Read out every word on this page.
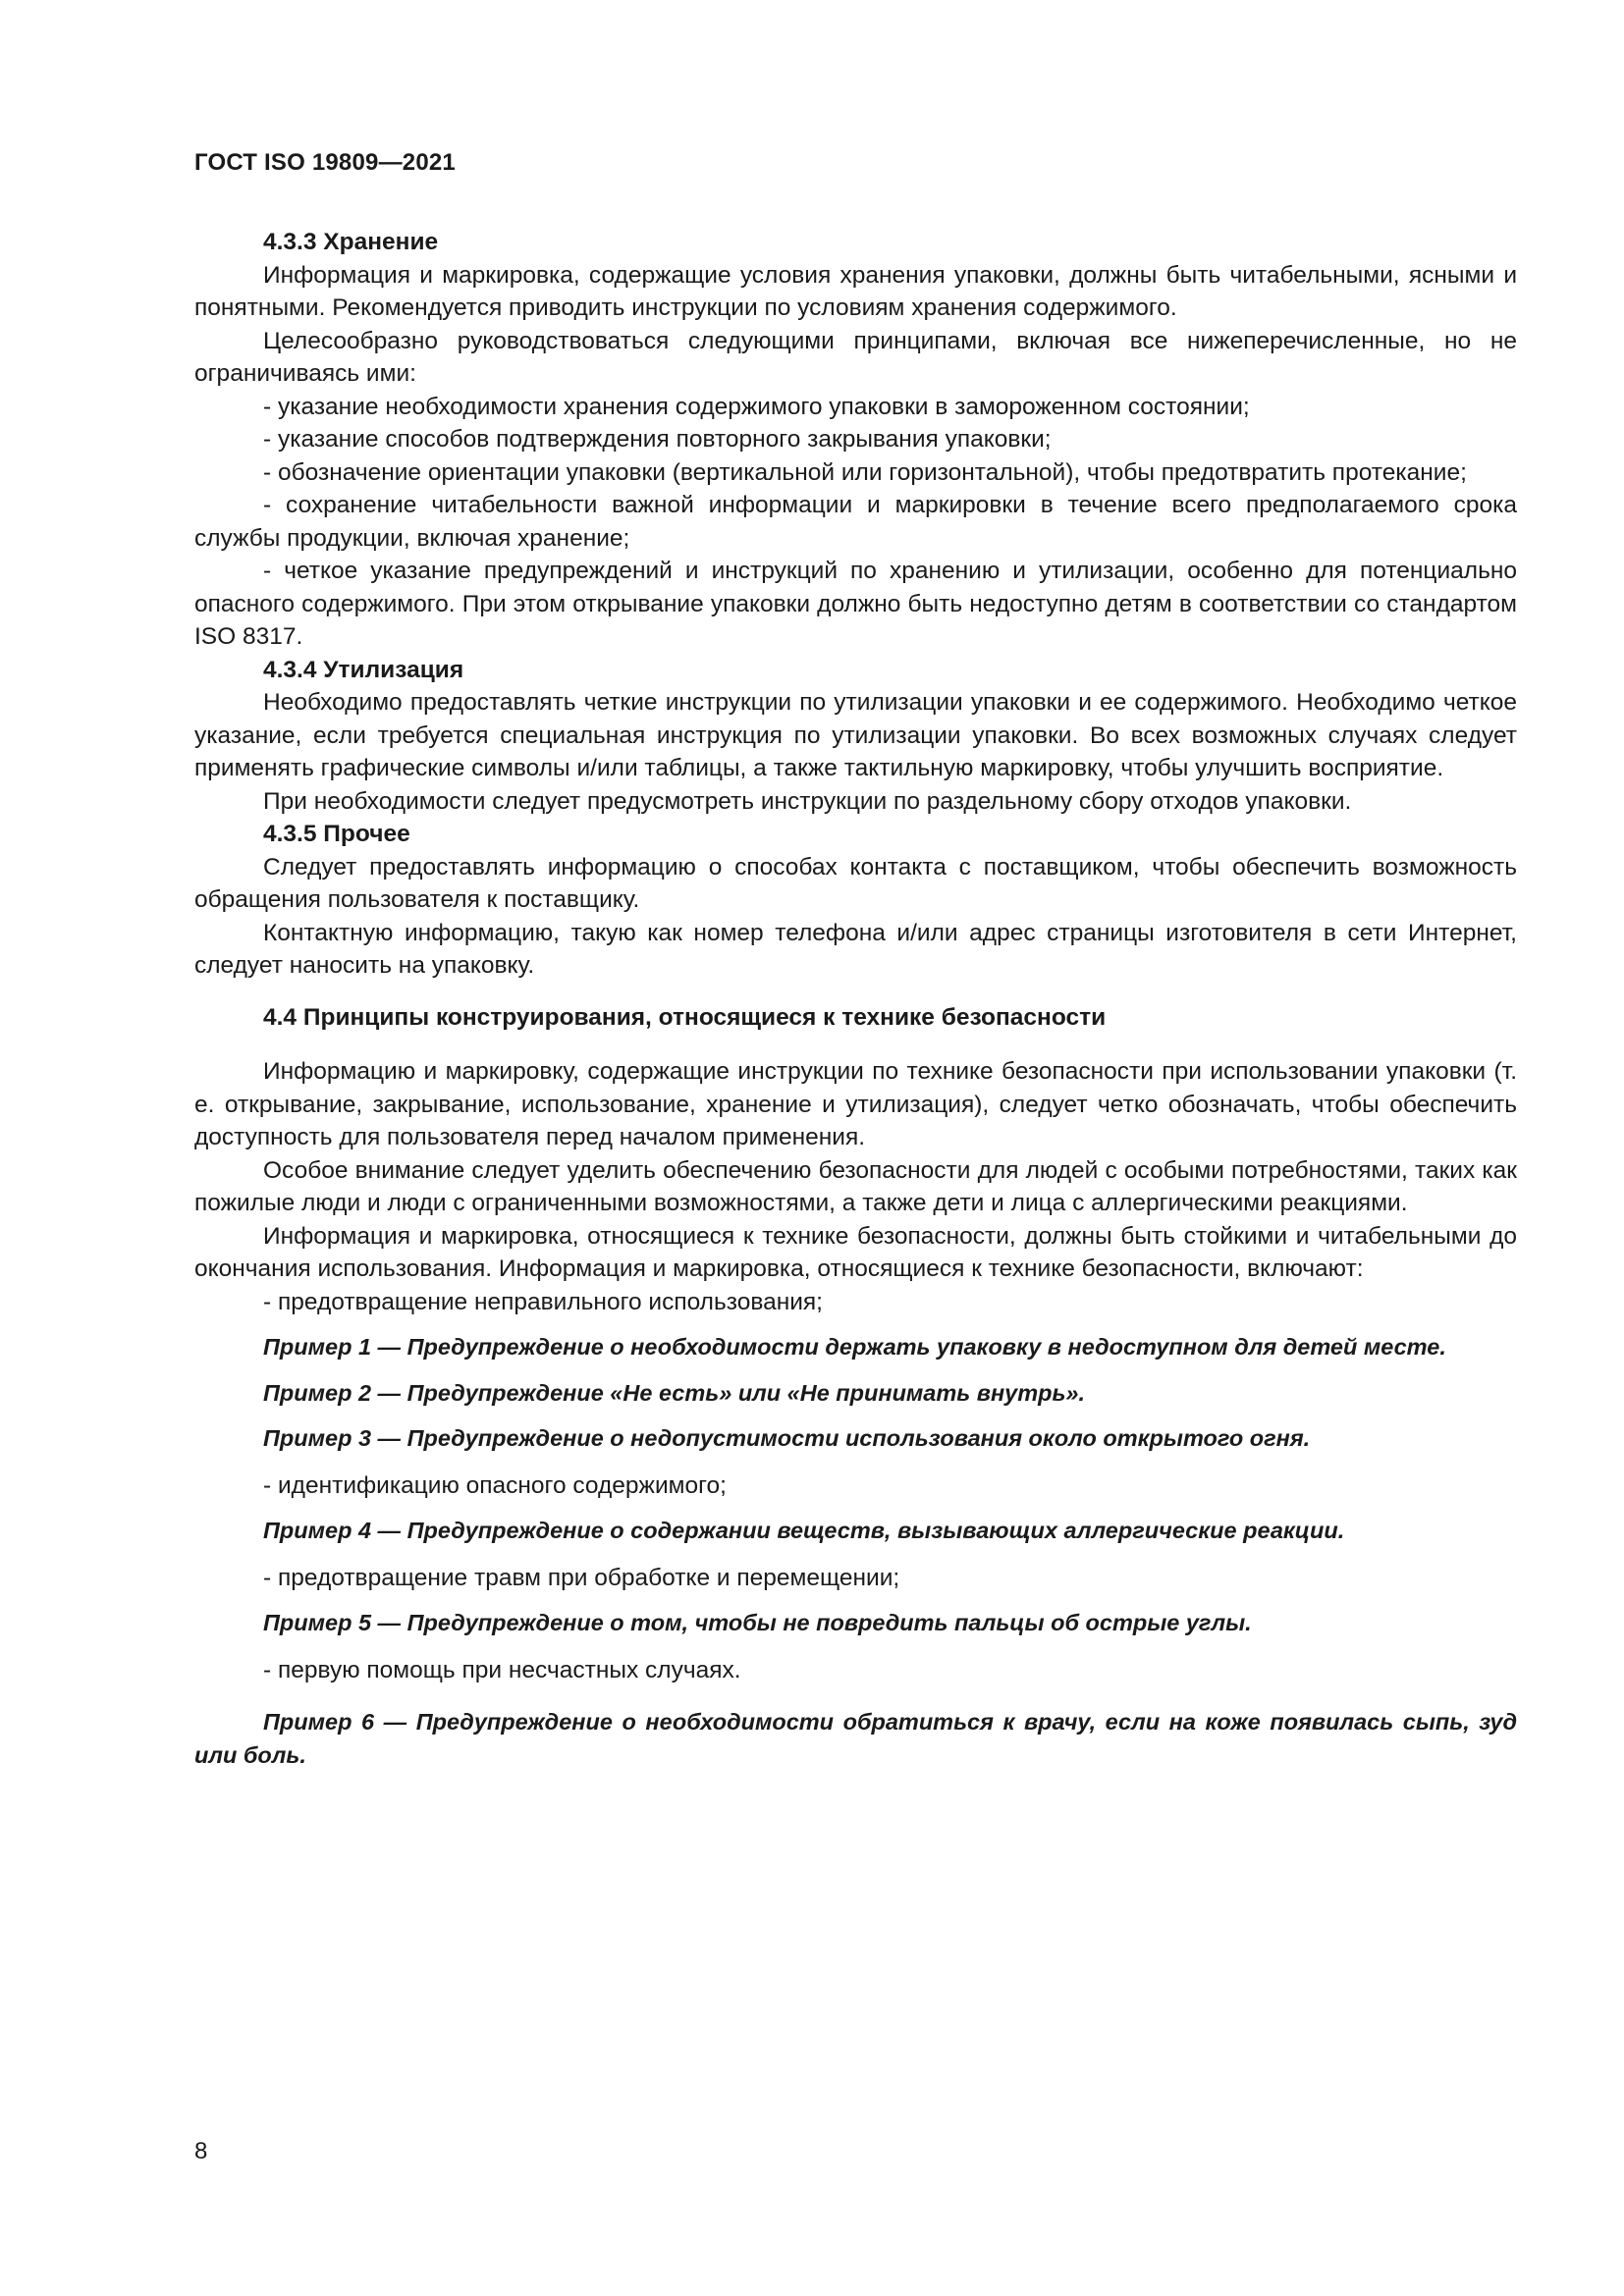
ГОСТ ISO 19809—2021

4.3.3 Хранение

Информация и маркировка, содержащие условия хранения упаковки, должны быть читабельными, ясными и понятными. Рекомендуется приводить инструкции по условиям хранения содержимого.

Целесообразно руководствоваться следующими принципами, включая все нижеперечисленные, но не ограничиваясь ими:

- указание необходимости хранения содержимого упаковки в замороженном состоянии;

- указание способов подтверждения повторного закрывания упаковки;

- обозначение ориентации упаковки (вертикальной или горизонтальной), чтобы предотвратить протекание;

- сохранение читабельности важной информации и маркировки в течение всего предполагаемого срока службы продукции, включая хранение;

- четкое указание предупреждений и инструкций по хранению и утилизации, особенно для потенциально опасного содержимого. При этом открывание упаковки должно быть недоступно детям в соответствии со стандартом ISO 8317.

4.3.4 Утилизация

Необходимо предоставлять четкие инструкции по утилизации упаковки и ее содержимого. Необходимо четкое указание, если требуется специальная инструкция по утилизации упаковки. Во всех возможных случаях следует применять графические символы и/или таблицы, а также тактильную маркировку, чтобы улучшить восприятие.

При необходимости следует предусмотреть инструкции по раздельному сбору отходов упаковки.

4.3.5 Прочее

Следует предоставлять информацию о способах контакта с поставщиком, чтобы обеспечить возможность обращения пользователя к поставщику.

Контактную информацию, такую как номер телефона и/или адрес страницы изготовителя в сети Интернет, следует наносить на упаковку.

4.4 Принципы конструирования, относящиеся к технике безопасности

Информацию и маркировку, содержащие инструкции по технике безопасности при использовании упаковки (т. е. открывание, закрывание, использование, хранение и утилизация), следует четко обозначать, чтобы обеспечить доступность для пользователя перед началом применения.

Особое внимание следует уделить обеспечению безопасности для людей с особыми потребностями, таких как пожилые люди и люди с ограниченными возможностями, а также дети и лица с аллергическими реакциями.

Информация и маркировка, относящиеся к технике безопасности, должны быть стойкими и читабельными до окончания использования. Информация и маркировка, относящиеся к технике безопасности, включают:

- предотвращение неправильного использования;

Пример 1 — Предупреждение о необходимости держать упаковку в недоступном для детей месте.

Пример 2 — Предупреждение «Не есть» или «Не принимать внутрь».

Пример 3 — Предупреждение о недопустимости использования около открытого огня.

- идентификацию опасного содержимого;

Пример 4 — Предупреждение о содержании веществ, вызывающих аллергические реакции.

- предотвращение травм при обработке и перемещении;

Пример 5 — Предупреждение о том, чтобы не повредить пальцы об острые углы.

- первую помощь при несчастных случаях.

Пример 6 — Предупреждение о необходимости обратиться к врачу, если на коже появилась сыпь, зуд или боль.

8
